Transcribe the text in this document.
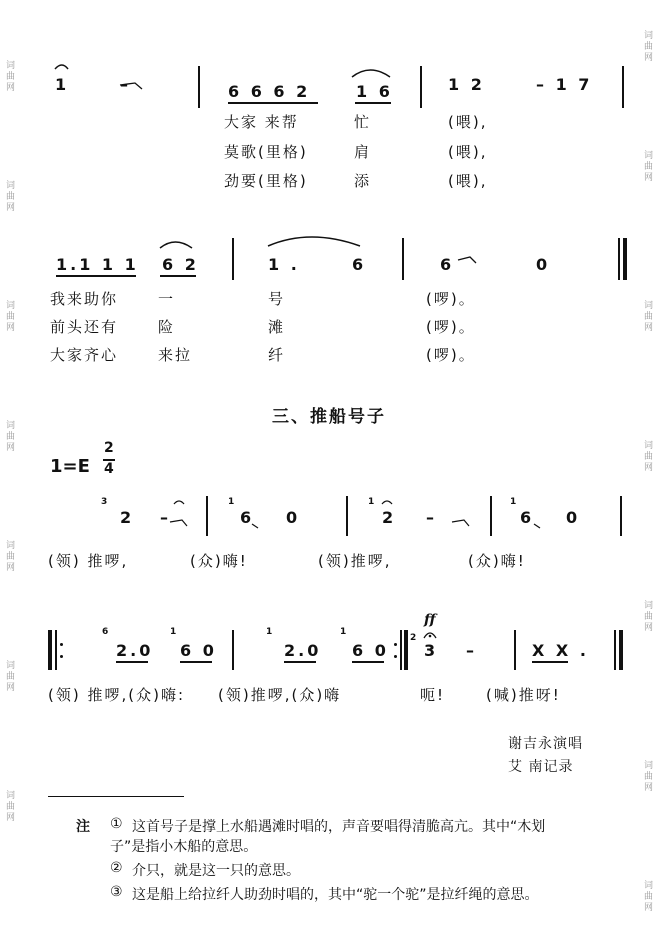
词曲网
词曲网
词曲网
词曲网
词曲网
词曲网
词曲网
词曲网
词曲网
词曲网
词曲网
词曲网
词曲网
词曲网
1	–	6 6 6 2	1 6	1 2	– 1 7
大家 来帮	忙	(喂),
莫歌(里格)	肩	(喂),
劲要(里格)	添	(喂),
1.1 1 1 6 2	1 .	6	6	0
我来助你	一	号	(啰)。
前头还有	险	滩	(啰)。
大家齐心	来拉	纤	(啰)。
三、推船号子
1=E
2
4
3
2 –
1
6 0
1
2 –
1
6 0
(领) 推啰,	(众)嗨!	(领)推啰,	(众)嗨!
6
2.0
1
6 0
1
2.0
1
6 0
ff
2
3 –	X X .
(领) 推啰,(众)嗨: (领)推啰,(众)嗨	呃!	(喊)推呀!
谢吉永演唱
艾 南记录
注 ① 这首号子是撑上水船遇滩时唱的，声音要唱得清脆高亢。其中“木划
子”是指小木船的意思。
② 介只，就是这一只的意思。
③ 这是船上给拉纤人助劲时唱的，其中“驼一个驼”是拉纤绳的意思。
